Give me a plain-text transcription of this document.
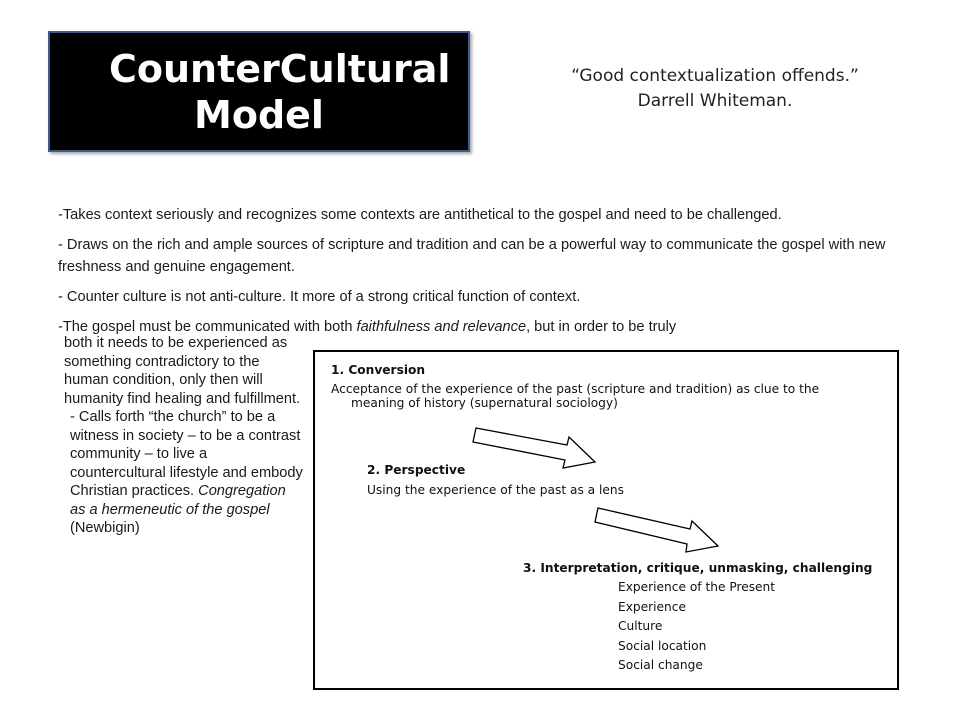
CounterCultural
Model
“Good contextualization offends.”
Darrell Whiteman.

-Takes context seriously and recognizes some contexts are antithetical to the gospel and need to be challenged.

- Draws on the rich and ample sources of scripture and tradition and can be a powerful way to communicate the gospel with new freshness and genuine engagement.

- Counter culture is not anti-culture. It more of a strong critical function of context.

-The gospel must be communicated with both faithfulness and relevance, but in order to be truly

both it needs to be experienced as something contradictory to the human condition, only then will humanity find healing and fulfillment.
- Calls forth “the church” to be a witness in society – to be a contrast community – to live a countercultural lifestyle and embody Christian practices. Congregation as a hermeneutic of the gospel (Newbigin)
1. Conversion
Acceptance of the experience of the past (scripture and tradition) as clue to the
meaning of history (supernatural sociology)
2. Perspective
Using the experience of the past as a lens
3. Interpretation, critique, unmasking, challenging
Experience of the Present
Experience
Culture
Social location
Social change
